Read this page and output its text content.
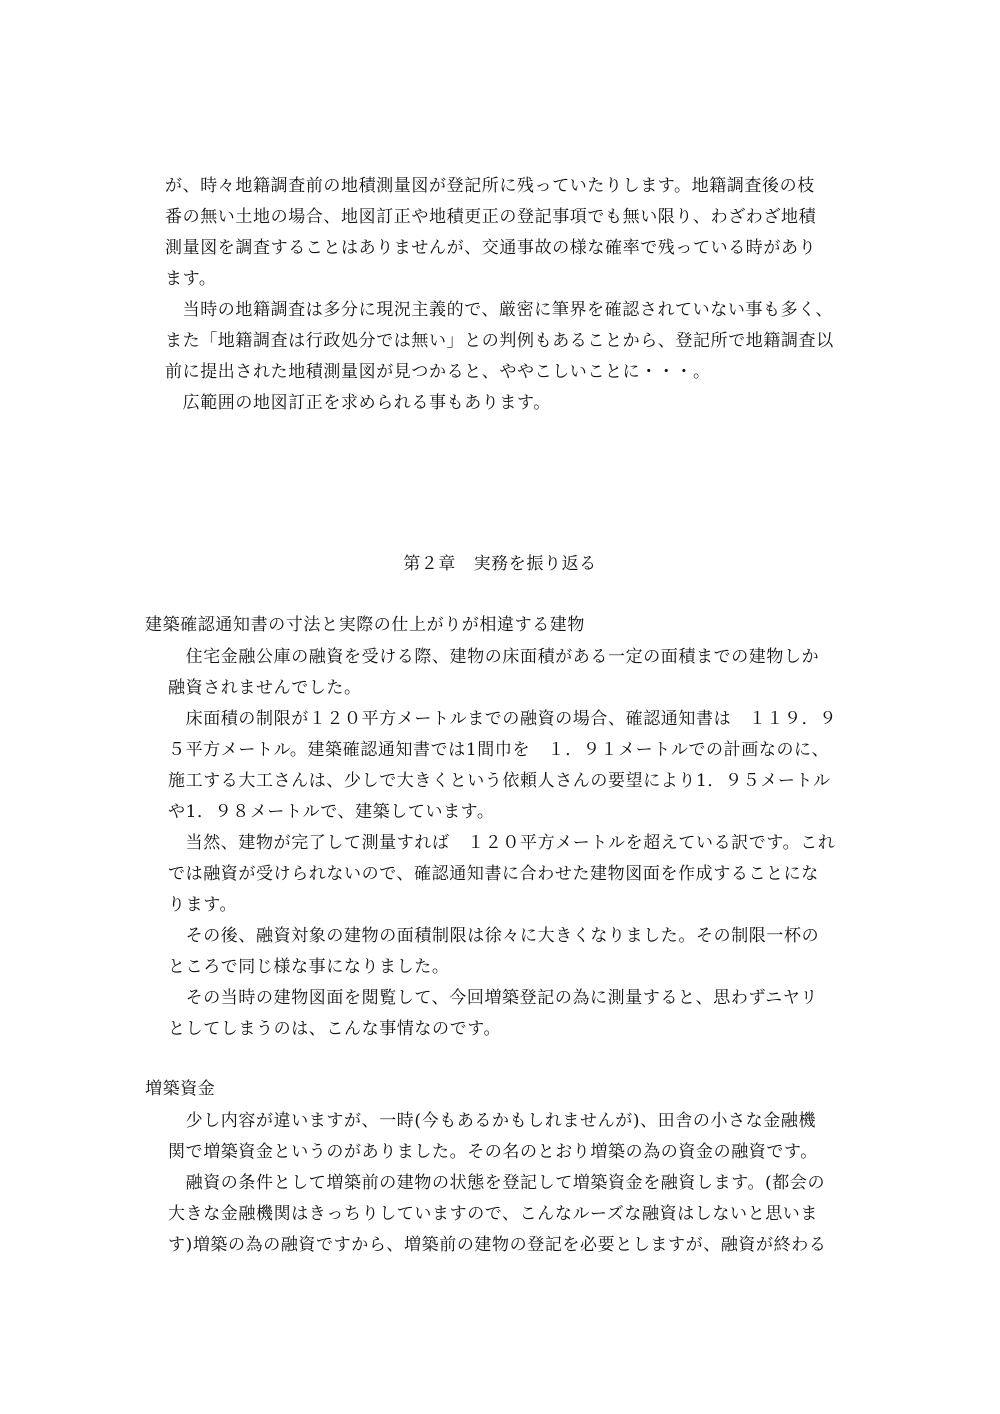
が、時々地籍調査前の地積測量図が登記所に残っていたりします。地籍調査後の枝
番の無い土地の場合、地図訂正や地積更正の登記事項でも無い限り、わざわざ地積
測量図を調査することはありませんが、交通事故の様な確率で残っている時があり
ます。
　当時の地籍調査は多分に現況主義的で、厳密に筆界を確認されていない事も多く、
また「地籍調査は行政処分では無い」との判例もあることから、登記所で地籍調査以
前に提出された地積測量図が見つかると、ややこしいことに・・・。
　広範囲の地図訂正を求められる事もあります。
第２章　実務を振り返る
建築確認通知書の寸法と実際の仕上がりが相違する建物
　住宅金融公庫の融資を受ける際、建物の床面積がある一定の面積までの建物しか
融資されませんでした。
　床面積の制限が１２０平方メートルまでの融資の場合、確認通知書は　１１９．９
５平方メートル。建築確認通知書では1間巾を　１．９１メートルでの計画なのに、
施工する大工さんは、少しで大きくという依頼人さんの要望により1．９５メートル
や1．９８メートルで、建築しています。
　当然、建物が完了して測量すれば　１２０平方メートルを超えている訳です。これ
では融資が受けられないので、確認通知書に合わせた建物図面を作成することにな
ります。
　その後、融資対象の建物の面積制限は徐々に大きくなりました。その制限一杯の
ところで同じ様な事になりました。
　その当時の建物図面を閲覧して、今回増築登記の為に測量すると、思わずニヤリ
としてしまうのは、こんな事情なのです。
増築資金
　少し内容が違いますが、一時(今もあるかもしれませんが)、田舎の小さな金融機
関で増築資金というのがありました。その名のとおり増築の為の資金の融資です。
　融資の条件として増築前の建物の状態を登記して増築資金を融資します。(都会の
大きな金融機関はきっちりしていますので、こんなルーズな融資はしないと思いま
す)増築の為の融資ですから、増築前の建物の登記を必要としますが、融資が終わる
